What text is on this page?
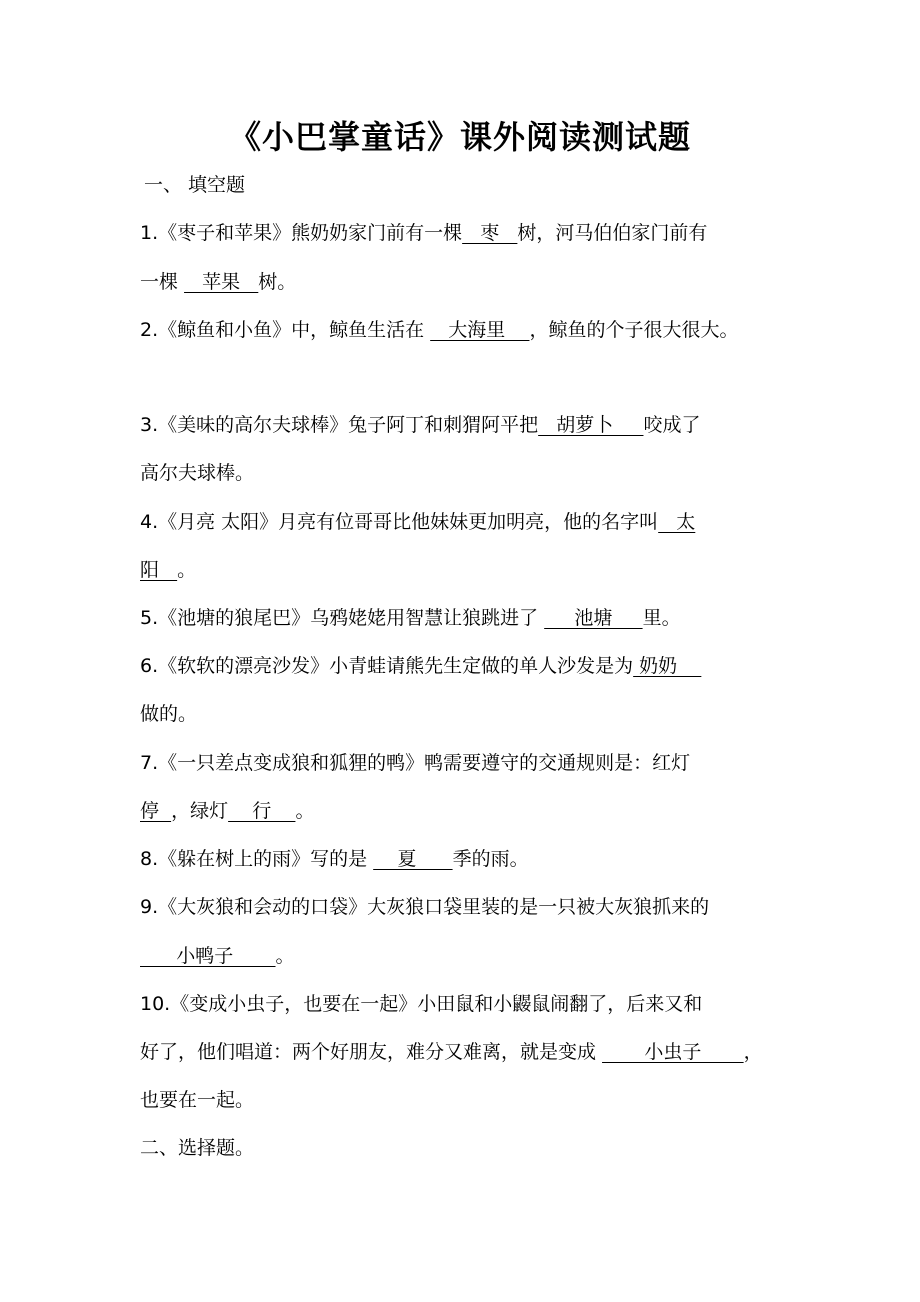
《小巴掌童话》课外阅读测试题
一、 填空题
1.《枣子和苹果》熊奶奶家门前有一棵   枣   树，河马伯伯家门前有
一棵    苹果   树。
2.《鲸鱼和小鱼》中，鲸鱼生活在    大海里    ，鲸鱼的个子很大很大。
3.《美味的高尔夫球棒》兔子阿丁和刺猬阿平把   胡萝卜     咬成了
高尔夫球棒。
4.《月亮 太阳》月亮有位哥哥比他妹妹更加明亮，他的名字叫   太
阳   。
5.《池塘的狼尾巴》乌鸦姥姥用智慧让狼跳进了      池塘     里。
6.《软软的漂亮沙发》小青蛙请熊先生定做的单人沙发是为 奶奶
做的。
7.《一只差点变成狼和狐狸的鸭》鸭需要遵守的交通规则是：红灯
停  ，绿灯    行    。
8.《躲在树上的雨》写的是     夏      季的雨。
9.《大灰狼和会动的口袋》大灰狼口袋里装的是一只被大灰狼抓来的
小鸭子       。
10.《变成小虫子，也要在一起》小田鼠和小鼹鼠闹翻了，后来又和
好了，他们唱道：两个好朋友，难分又难离，就是变成        小虫子       ，
也要在一起。
二、选择题。
